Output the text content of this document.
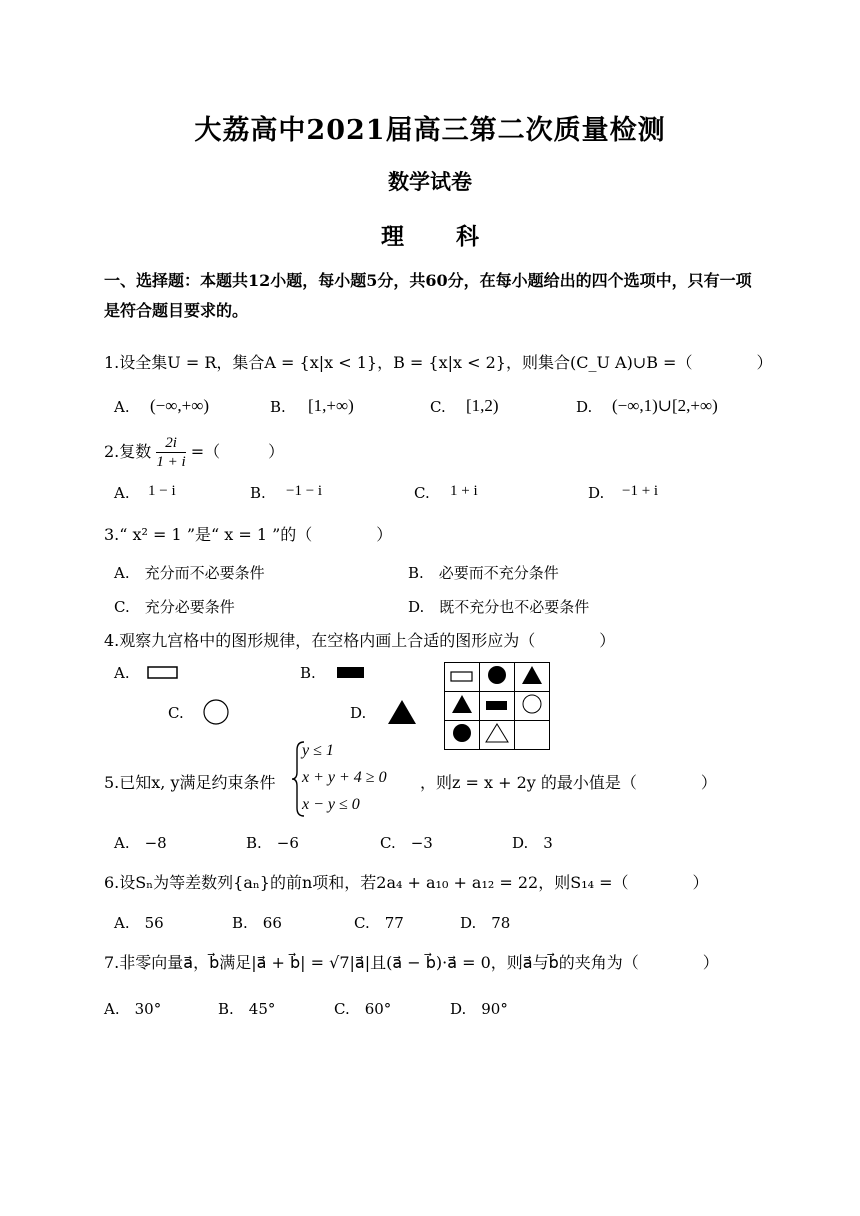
大荔高中2021届高三第二次质量检测
数学试卷
理 科
一、选择题：本题共12小题，每小题5分，共60分，在每小题给出的四个选项中，只有一项是符合题目要求的。
1.设全集U = R，集合A = {x|x < 1}，B = {x|x < 2}，则集合(C_U A)∪B =（　　　　）
A. (−∞,+∞)	B. [1,+∞)	C. [1,2)	D. (−∞,1)∪[2,+∞)
2.复数 $\frac{2i}{1 + i}$ =（　　　）
A. 1 − i	B. −1 − i	C. 1 + i	D. −1 + i
3.“ x² = 1 ”是“ x = 1 ”的（　　　　）
A.　充分而不必要条件	B.　必要而不充分条件
C.　充分必要条件	D.　既不充分也不必要条件
4.观察九宫格中的图形规律，在空格内画上合适的图形应为（　　　　）
A.	B.
C.	D.

5.已知x, y满足约束条件
y ≤ 1
x + y + 4 ≥ 0
x − y ≤ 0
，则z = x + 2y 的最小值是（　　　　）
A.　−8	B.　−6	C.　−3	D.　3
6.设Sₙ为等差数列{aₙ}的前n项和，若2a₄ + a₁₀ + a₁₂ = 22，则S₁₄ =（　　　　）
A.　56	B.　66	C.　77	D.　78
7.非零向量a⃗，b⃗满足|a⃗ + b⃗| = √7|a⃗|且(a⃗ − b⃗)·a⃗ = 0，则a⃗与b⃗的夹角为（　　　　）
A.　30°	B.　45°	C.　60°	D.　90°
